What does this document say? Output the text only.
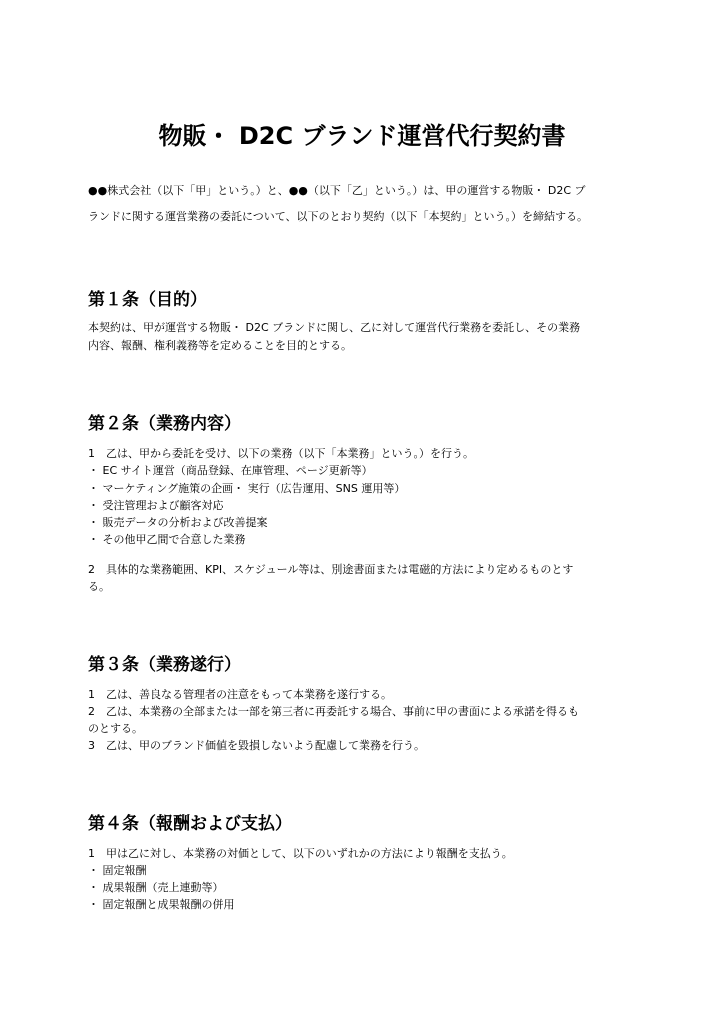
物販・ D2C ブランド運営代行契約書
●●株式会社（以下「甲」という。）と、●●（以下「乙」という。）は、甲の運営する物販・ D2C ブ
ランドに関する運営業務の委託について、以下のとおり契約（以下「本契約」という。）を締結する。
第１条（目的）
本契約は、甲が運営する物販・ D2C ブランドに関し、乙に対して運営代行業務を委託し、その業務
内容、報酬、権利義務等を定めることを目的とする。
第２条（業務内容）
1　乙は、甲から委託を受け、以下の業務（以下「本業務」という。）を行う。
・ EC サイト運営（商品登録、在庫管理、ページ更新等）
・ マーケティング施策の企画・ 実行（広告運用、SNS 運用等）
・ 受注管理および顧客対応
・ 販売データの分析および改善提案
・ その他甲乙間で合意した業務
2　具体的な業務範囲、KPI、スケジュール等は、別途書面または電磁的方法により定めるものとす
る。
第３条（業務遂行）
1　乙は、善良なる管理者の注意をもって本業務を遂行する。
2　乙は、本業務の全部または一部を第三者に再委託する場合、事前に甲の書面による承諾を得るも
のとする。
3　乙は、甲のブランド価値を毀損しないよう配慮して業務を行う。
第４条（報酬および支払）
1　甲は乙に対し、本業務の対価として、以下のいずれかの方法により報酬を支払う。
・ 固定報酬
・ 成果報酬（売上連動等）
・ 固定報酬と成果報酬の併用
